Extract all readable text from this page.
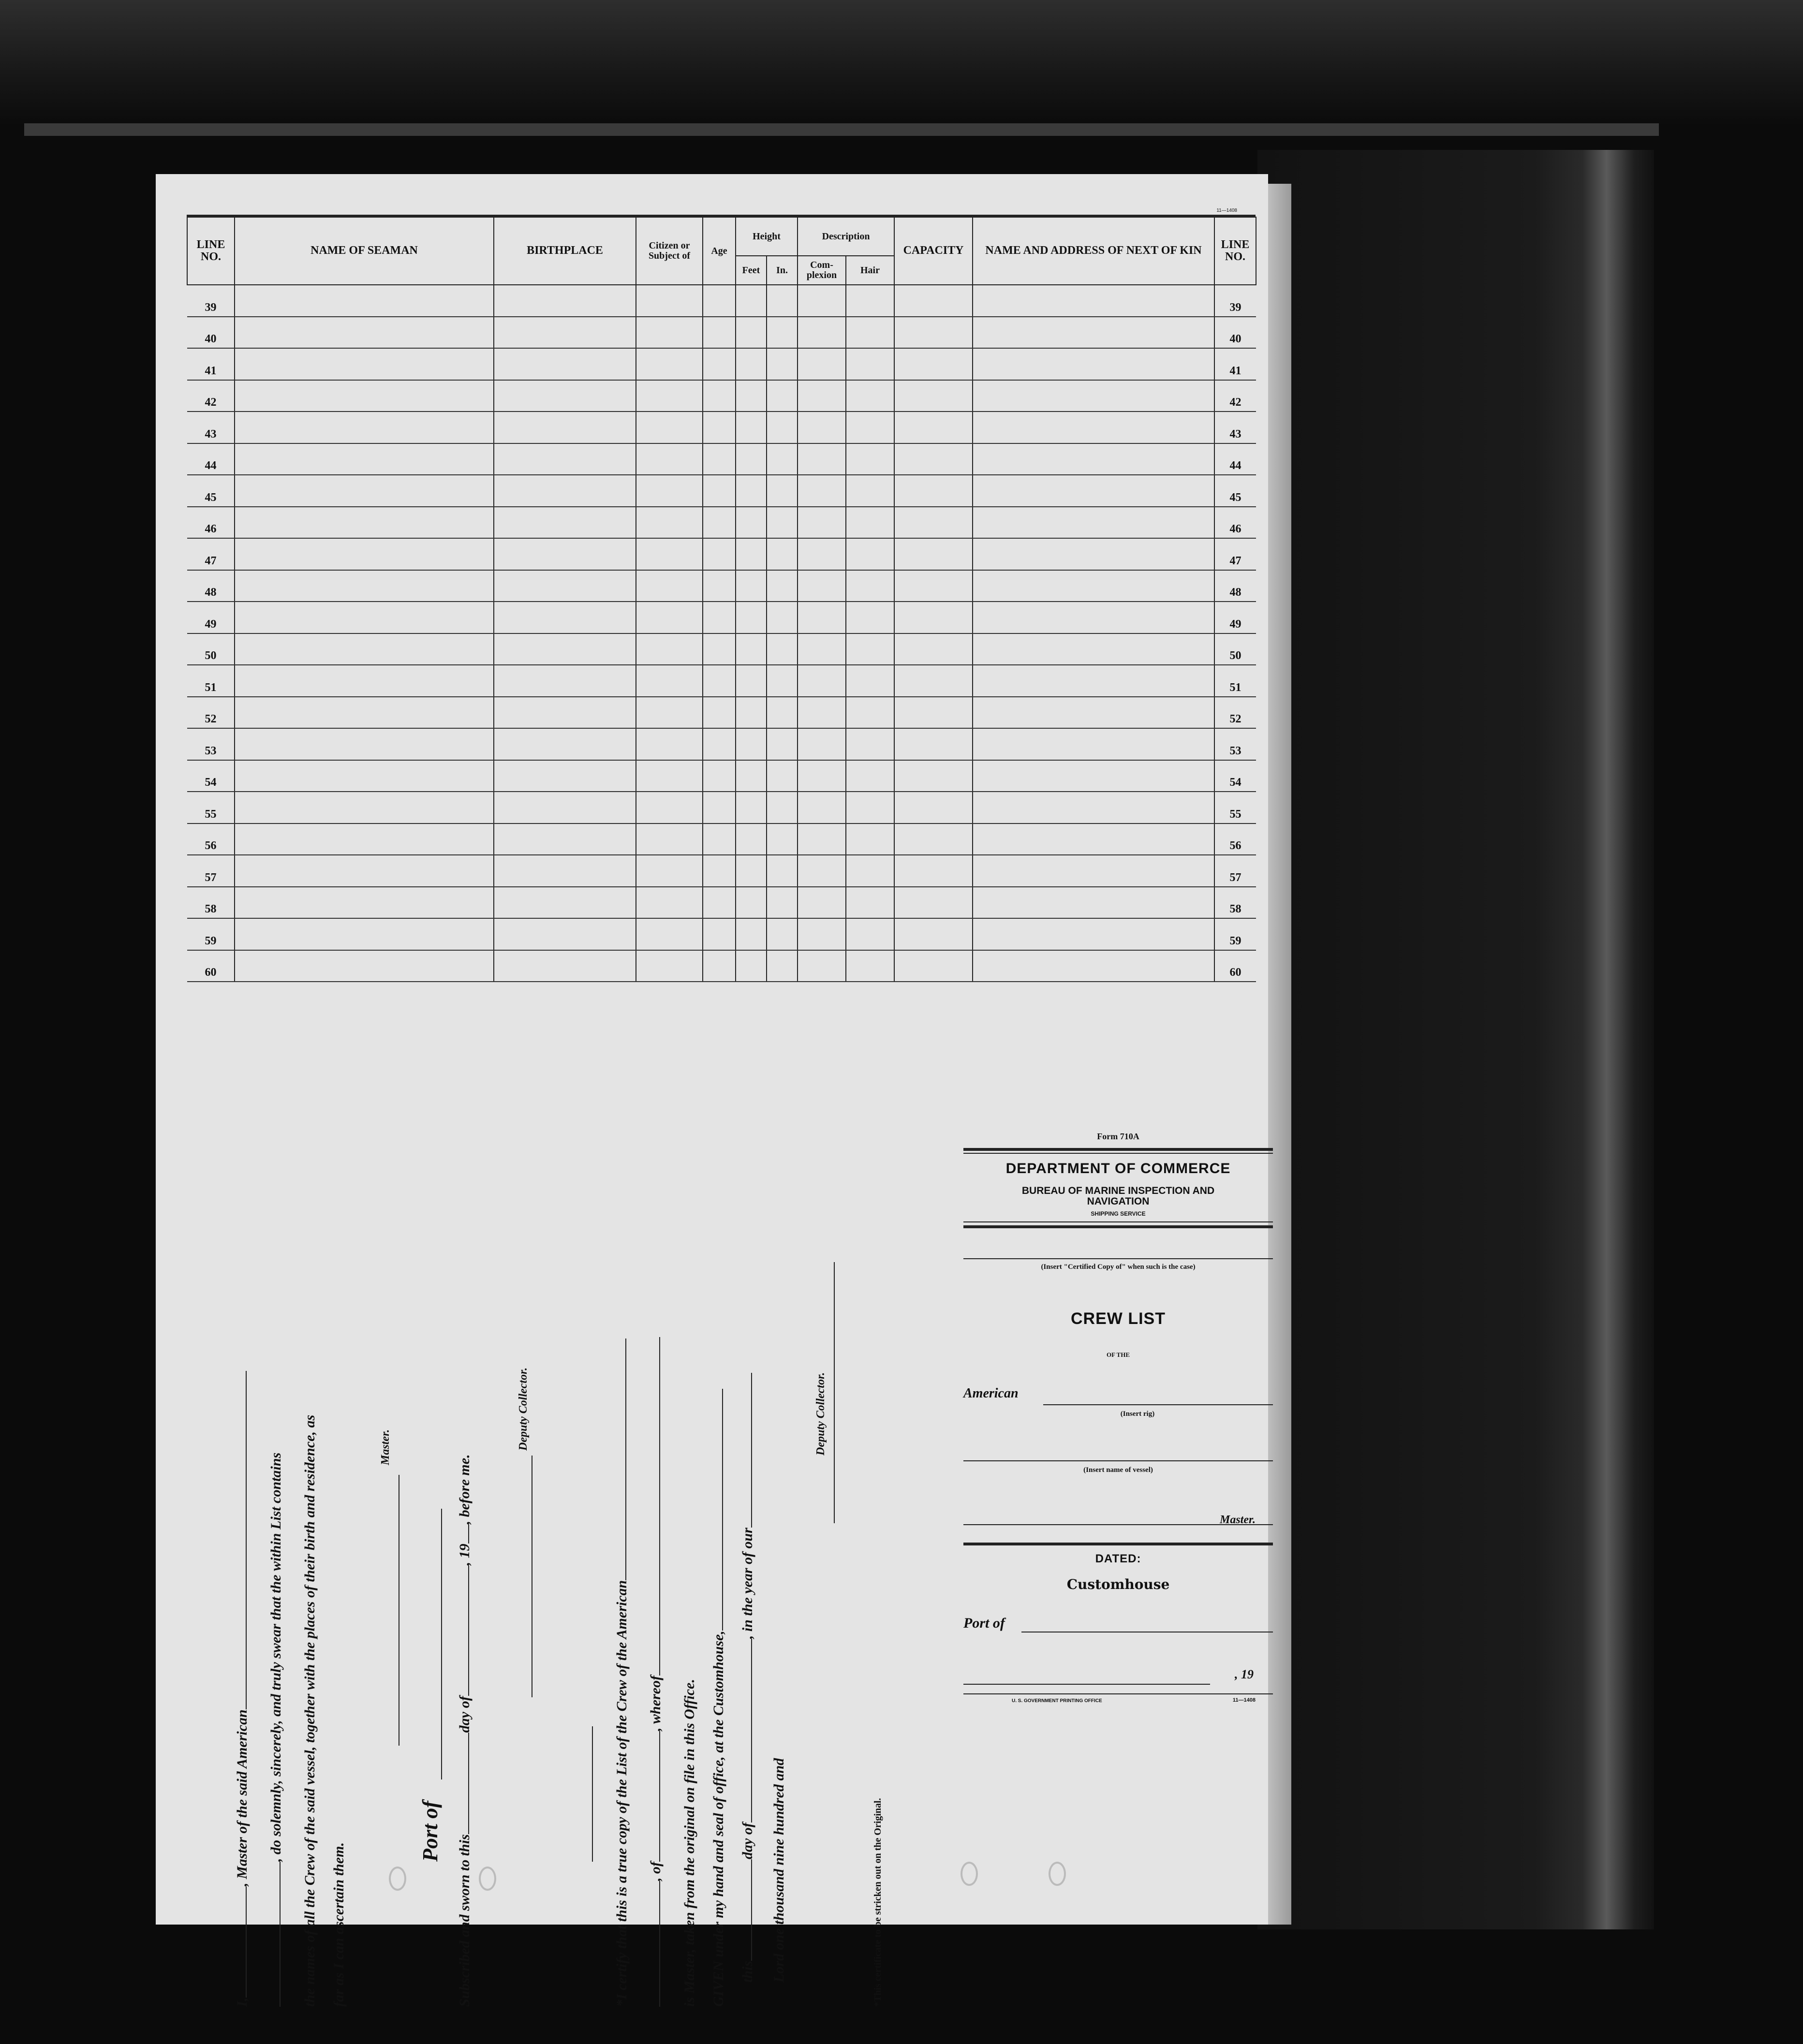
11—1408
LINE NO.	NAME OF SEAMAN	BIRTHPLACE	Citizen or Subject of	Age	Height		Description		CAPACITY	NAME AND ADDRESS OF NEXT OF KIN	LINE NO.
					Feet	In.	Com- plexion	Hair			
39											39
40											40
41											41
42											42
43											43
44											44
45											45
46											46
47											47
48											48
49											49
50											50
51											51
52											52
53											53
54											54
55											55
56											56
57											57
58											58
59											59
60											60
I,, Master of the said American	, do solemnly, sincerely, and truly swear that the within List contains	the names of all the Crew of the said vessel, together with the places of their birth and residence, as far as I can ascertain them.
Master.
Port of
Subscribed and sworn to thisday of, 19, before me.
Deputy Collector.
*I certify that this is a true copy of the List of the Crew of the American	, of, whereof	is Master, taken from the original on file in this Office. GIVEN under my hand and seal of office, at the Customhouse, thisday of, in the year of our
Lord one thousand nine hundred and
Deputy Collector.
*This certificate to be stricken out on the Original.
Form 710A
DEPARTMENT OF COMMERCE
BUREAU OF MARINE INSPECTION AND NAVIGATION
SHIPPING SERVICE
(Insert "Certified Copy of" when such is the case)
CREW LIST
OF THE
American
(Insert rig)
(Insert name of vessel)
Master.
DATED:
Customhouse
Port of
, 19
U. S. GOVERNMENT PRINTING OFFICE	11—1408
